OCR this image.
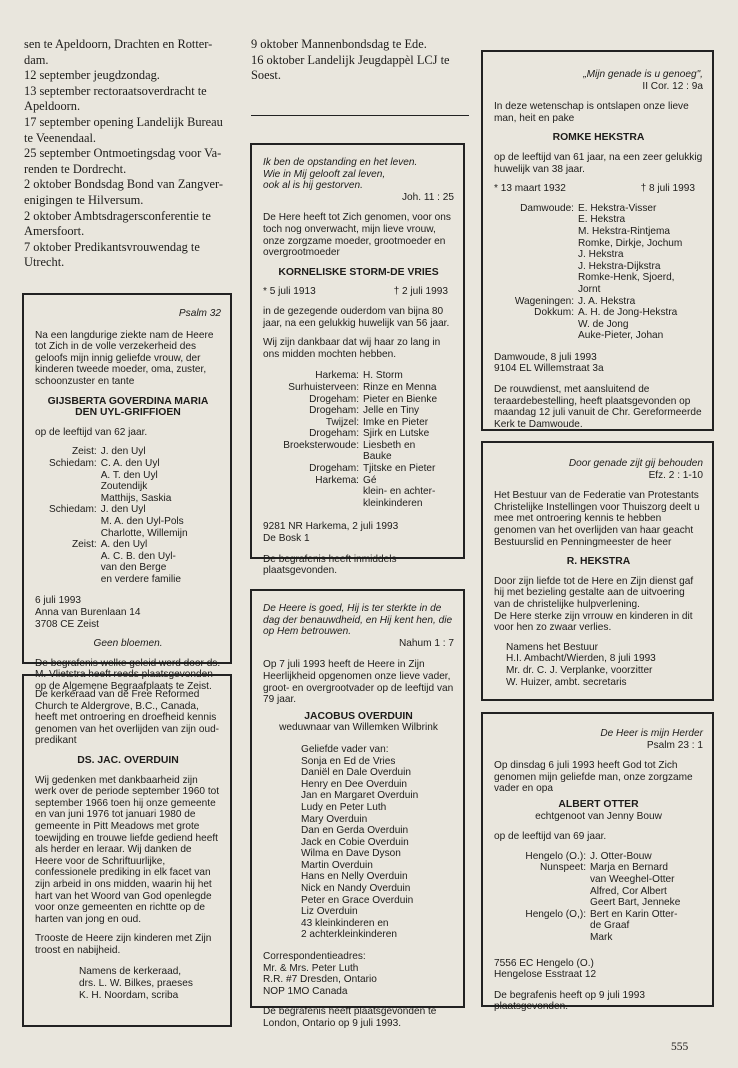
sen te Apeldoorn, Drachten en Rotter-
dam.
12 september jeugdzondag.
13 september rectoraatsoverdracht te
Apeldoorn.
17 september opening Landelijk Bureau
te Veenendaal.
25 september Ontmoetingsdag voor Va-
renden te Dordrecht.
2 oktober Bondsdag Bond van Zangver-
enigingen te Hilversum.
2 oktober Ambtsdragersconferentie te
Amersfoort.
7 oktober Predikantsvrouwendag te
Utrecht.
9 oktober Mannenbondsdag te Ede.
16 oktober Landelijk Jeugdappèl LCJ te
Soest.

Psalm 32

Na een langdurige ziekte nam de Heere tot Zich in de volle verzekerheid des geloofs mijn innig geliefde vrouw, der kinderen tweede moeder, oma, zuster, schoonzuster en tante

GIJSBERTA GOVERDINA MARIA
DEN UYL-GRIFFIOEN

op de leeftijd van 62 jaar.

Zeist: J. den Uyl
Schiedam: C. A. den Uyl
A. T. den Uyl
Zoutendijk
Matthijs, Saskia
Schiedam: J. den Uyl
M. A. den Uyl-Pols
Charlotte, Willemijn
Zeist: A. den Uyl
A. C. B. den Uyl-
van den Berge
en verdere familie
6 juli 1993
Anna van Burenlaan 14
3708 CE Zeist

Geen bloemen.

De begrafenis welke geleid werd door ds. M. Vlietstra heeft reeds plaatsgevonden op de Algemene Begraafplaats te Zeist.

De kerkeraad van de Free Reformed Church te Aldergrove, B.C., Canada, heeft met ontroering en droefheid kennis genomen van het overlijden van zijn oud-predikant

DS. JAC. OVERDUIN

Wij gedenken met dankbaarheid zijn werk over de periode september 1960 tot september 1966 toen hij onze gemeente en van juni 1976 tot januari 1980 de gemeente in Pitt Meadows met grote toewijding en trouwe liefde gediend heeft als herder en leraar. Wij danken de Heere voor de Schriftuurlijke, confessionele prediking in elk facet van zijn arbeid in ons midden, waarin hij het hart van het Woord van God openlegde voor onze gemeenten en richtte op de harten van jong en oud.

Trooste de Heere zijn kinderen met Zijn troost en nabijheid.

Namens de kerkeraad,
drs. L. W. Bilkes, praeses
K. H. Noordam, scriba
Ik ben de opstanding en het leven.
Wie in Mij gelooft zal leven,
ook al is hij gestorven.

Joh. 11 : 25

De Here heeft tot Zich genomen, voor ons toch nog onverwacht, mijn lieve vrouw, onze zorgzame moeder, grootmoeder en overgrootmoeder

KORNELISKE STORM-DE VRIES
* 5 juli 1913	† 2 juli 1993

in de gezegende ouderdom van bijna 80 jaar, na een gelukkig huwelijk van 56 jaar.

Wij zijn dankbaar dat wij haar zo lang in ons midden mochten hebben.

Harkema: H. Storm
Surhuisterveen: Rinze en Menna
Drogeham: Pieter en Bienke
Drogeham: Jelle en Tiny
Twijzel: Imke en Pieter
Drogeham: Sjirk en Lutske
Broeksterwoude: Liesbeth en
Bauke
Drogeham: Tjitske en Pieter
Harkema: Gé
klein- en achter-
kleinkinderen
9281 NR Harkema, 2 juli 1993
De Bosk 1

De begrafenis heeft inmiddels plaatsgevonden.

De Heere is goed, Hij is ter sterkte in de dag der benauwdheid, en Hij kent hen, die op Hem betrouwen.

Nahum 1 : 7

Op 7 juli 1993 heeft de Heere in Zijn Heerlijkheid opgenomen onze lieve vader, groot- en overgrootvader op de leeftijd van 79 jaar.

JACOBUS OVERDUIN
weduwnaar van Willemken Wilbrink
Geliefde vader van:
Sonja en Ed de Vries
Daniël en Dale Overduin
Henry en Dee Overduin
Jan en Margaret Overduin
Ludy en Peter Luth
Mary Overduin
Dan en Gerda Overduin
Jack en Cobie Overduin
Wilma en Dave Dyson
Martin Overduin
Hans en Nelly Overduin
Nick en Nandy Overduin
Peter en Grace Overduin
Liz Overduin
43 kleinkinderen en
2 achterkleinkinderen
Correspondentieadres:
Mr. & Mrs. Peter Luth
R.R. #7 Dresden, Ontario
NOP 1MO Canada

De begrafenis heeft plaatsgevonden te London, Ontario op 9 juli 1993.

„Mijn genade is u genoeg",

II Cor. 12 : 9a

In deze wetenschap is ontslapen onze lieve man, heit en pake

ROMKE HEKSTRA

op de leeftijd van 61 jaar, na een zeer gelukkig huwelijk van 38 jaar.

* 13 maart 1932	† 8 juli 1993
Damwoude: E. Hekstra-Visser
E. Hekstra
M. Hekstra-Rintjema
Romke, Dirkje, Jochum
J. Hekstra
J. Hekstra-Dijkstra
Romke-Henk, Sjoerd,
Jornt
Wageningen: J. A. Hekstra
Dokkum: A. H. de Jong-Hekstra
W. de Jong
Auke-Pieter, Johan
Damwoude, 8 juli 1993
9104 EL Willemstraat 3a

De rouwdienst, met aansluitend de teraardebestelling, heeft plaatsgevonden op maandag 12 juli vanuit de Chr. Gereformeerde Kerk te Damwoude.

Door genade zijt gij behouden

Efz. 2 : 1-10

Het Bestuur van de Federatie van Protestants Christelijke Instellingen voor Thuiszorg deelt u mee met ontroering kennis te hebben genomen van het overlijden van haar geacht Bestuurslid en Penningmeester de heer

R. HEKSTRA

Door zijn liefde tot de Here en Zijn dienst gaf hij met bezieling gestalte aan de uitvoering van de christelijke hulpverlening.

De Here sterke zijn vrrouw en kinderen in dit voor hen zo zwaar verlies.

Namens het Bestuur
H.I. Ambacht/Wierden, 8 juli 1993
Mr. dr. C. J. Verplanke, voorzitter
W. Huizer, ambt. secretaris

De Heer is mijn Herder

Psalm 23 : 1

Op dinsdag 6 juli 1993 heeft God tot Zich genomen mijn geliefde man, onze zorgzame vader en opa

ALBERT OTTER
echtgenoot van Jenny Bouw

op de leeftijd van 69 jaar.

Hengelo (O.): J. Otter-Bouw
Nunspeet: Marja en Bernard
van Weeghel-Otter
Alfred, Cor Albert
Geert Bart, Jenneke
Hengelo (O,): Bert en Karin Otter-
de Graaf
Mark
7556 EC Hengelo (O.)
Hengelose Esstraat 12

De begrafenis heeft op 9 juli 1993 plaatsgevonden.

555
